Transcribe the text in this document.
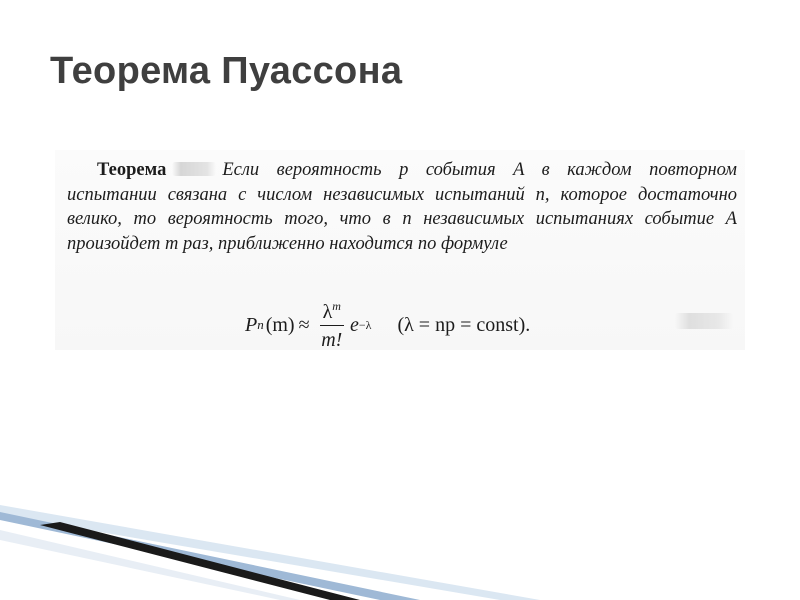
Теорема Пуассона

Теорема	Если вероятность p события A в каждом повторном испытании связана с числом независимых испытаний n, которое достаточно велико, то вероятность того, что в n независимых испытаниях событие A произойдет m раз, приближенно находится по формуле

P n $(m) \approx \frac{\lambda^m}{m!}$ e −λ (λ = np = const).
